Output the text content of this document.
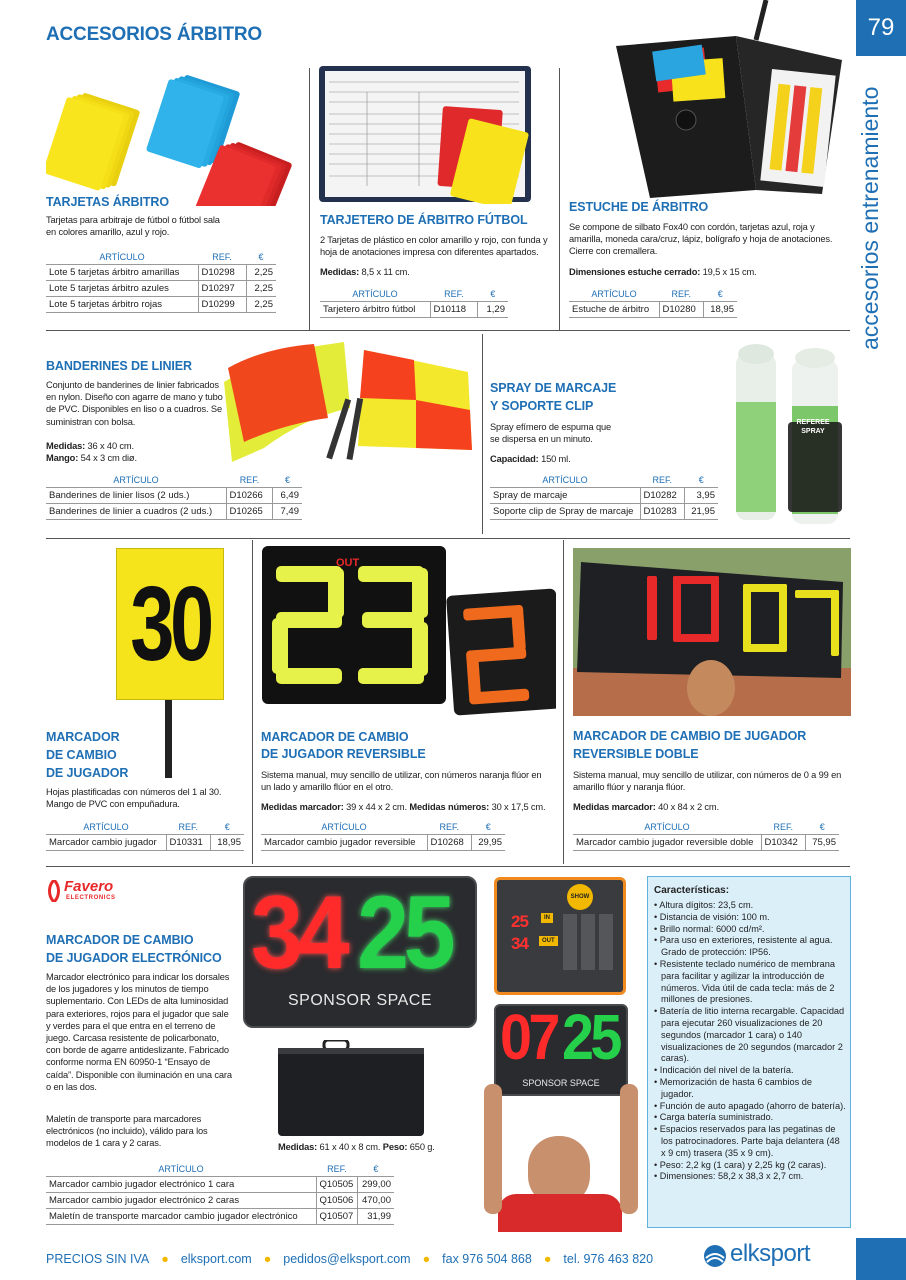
79
accesorios entrenamiento
ACCESORIOS ÁRBITRO
TARJETAS ÁRBITRO
Tarjetas para arbitraje de fútbol o fútbol sala en colores amarillo, azul y rojo.
ARTÍCULO	REF.	€
Lote 5 tarjetas árbitro amarillas	D10298	2,25
Lote 5 tarjetas árbitro azules	D10297	2,25
Lote 5 tarjetas árbitro rojas	D10299	2,25
TARJETERO DE ÁRBITRO FÚTBOL
2 Tarjetas de plástico en color amarillo y rojo, con funda y hoja de anotaciones impresa con diferentes apartados.
Medidas: 8,5 x 11 cm.
ARTÍCULO	REF.	€
Tarjetero árbitro fútbol	D10118	1,29
ESTUCHE DE ÁRBITRO
Se compone de silbato Fox40 con cordón, tarjetas azul, roja y amarilla, moneda cara/cruz, lápiz, bolígrafo y hoja de anotaciones. Cierre con cremallera.
Dimensiones estuche cerrado: 19,5 x 15 cm.
ARTÍCULO	REF.	€
Estuche de árbitro	D10280	18,95
BANDERINES DE LINIER
Conjunto de banderines de linier fabricados en nylon. Diseño con agarre de mano y tubo de PVC. Disponibles en liso o a cuadros. Se suministran con bolsa.
Medidas: 36 x 40 cm.
Mango: 54 x 3 cm diø.
ARTÍCULO	REF.	€
Banderines de linier lisos (2 uds.)	D10266	6,49
Banderines de linier a cuadros (2 uds.)	D10265	7,49
SPRAY DE MARCAJE
Y SOPORTE CLIP
Spray efímero de espuma que se dispersa en un minuto.
Capacidad: 150 ml.
REFEREE SPRAY
ARTÍCULO	REF.	€
Spray de marcaje	D10282	3,95
Soporte clip de Spray de marcaje	D10283	21,95
30
MARCADOR
DE CAMBIO
DE JUGADOR
Hojas plastificadas con números del 1 al 30. Mango de PVC con empuñadura.
ARTÍCULO	REF.	€
Marcador cambio jugador	D10331	18,95
OUT
MARCADOR DE CAMBIO
DE JUGADOR REVERSIBLE
Sistema manual, muy sencillo de utilizar, con números naranja flúor en un lado y amarillo flúor en el otro.
Medidas marcador: 39 x 44 x 2 cm. Medidas números: 30 x 17,5 cm.
ARTÍCULO	REF.	€
Marcador cambio jugador reversible	D10268	29,95
MARCADOR DE CAMBIO DE JUGADOR
REVERSIBLE DOBLE
Sistema manual, muy sencillo de utilizar, con números de 0 a 99 en amarillo flúor y naranja flúor.
Medidas marcador: 40 x 84 x 2 cm.
ARTÍCULO	REF.	€
Marcador cambio jugador reversible doble	D10342	75,95
Favero
ELECTRONICS
MARCADOR DE CAMBIO
DE JUGADOR ELECTRÓNICO
Marcador electrónico para indicar los dorsales de los jugadores y los minutos de tiempo suplementario. Con LEDs de alta luminosidad para exteriores, rojos para el jugador que sale y verdes para el que entra en el terreno de juego. Carcasa resistente de policarbonato, con borde de agarre antideslizante. Fabricado conforme norma EN 60950-1 “Ensayo de caída”. Disponible con iluminación en una cara o en las dos.
Maletín de transporte para marcadores electrónicos (no incluido), válido para los modelos de 1 cara y 2 caras.
34 25
SPONSOR SPACE
SHOW
25	IN
34	OUT
07 25
SPONSOR SPACE
Medidas: 61 x 40 x 8 cm. Peso: 650 g.
ARTÍCULO	REF.	€
Marcador cambio jugador electrónico 1 cara	Q10505	299,00
Marcador cambio jugador electrónico 2 caras	Q10506	470,00
Maletín de transporte marcador cambio jugador electrónico	Q10507	31,99
Características:
• Altura dígitos: 23,5 cm.
• Distancia de visión: 100 m.
• Brillo normal: 6000 cd/m².
• Para uso en exteriores, resistente al agua. Grado de protección: IP56.
• Resistente teclado numérico de membrana para facilitar y agilizar la introducción de números. Vida útil de cada tecla: más de 2 millones de presiones.
• Batería de litio interna recargable. Capacidad para ejecutar 260 visualizaciones de 20 segundos (marcador 1 cara) o 140 visualizaciones de 20 segundos (marcador 2 caras).
• Indicación del nivel de la batería.
• Memorización de hasta 6 cambios de jugador.
• Función de auto apagado (ahorro de batería).
• Carga batería suministrado.
• Espacios reservados para las pegatinas de los patrocinadores. Parte baja delantera (48 x 9 cm) trasera (35 x 9 cm).
• Peso: 2,2 kg (1 cara) y 2,25 kg (2 caras).
• Dimensiones: 58,2 x 38,3 x 2,7 cm.
PRECIOS SIN IVA ● elksport.com ● pedidos@elksport.com ● fax 976 504 868 ● tel. 976 463 820	elksport
